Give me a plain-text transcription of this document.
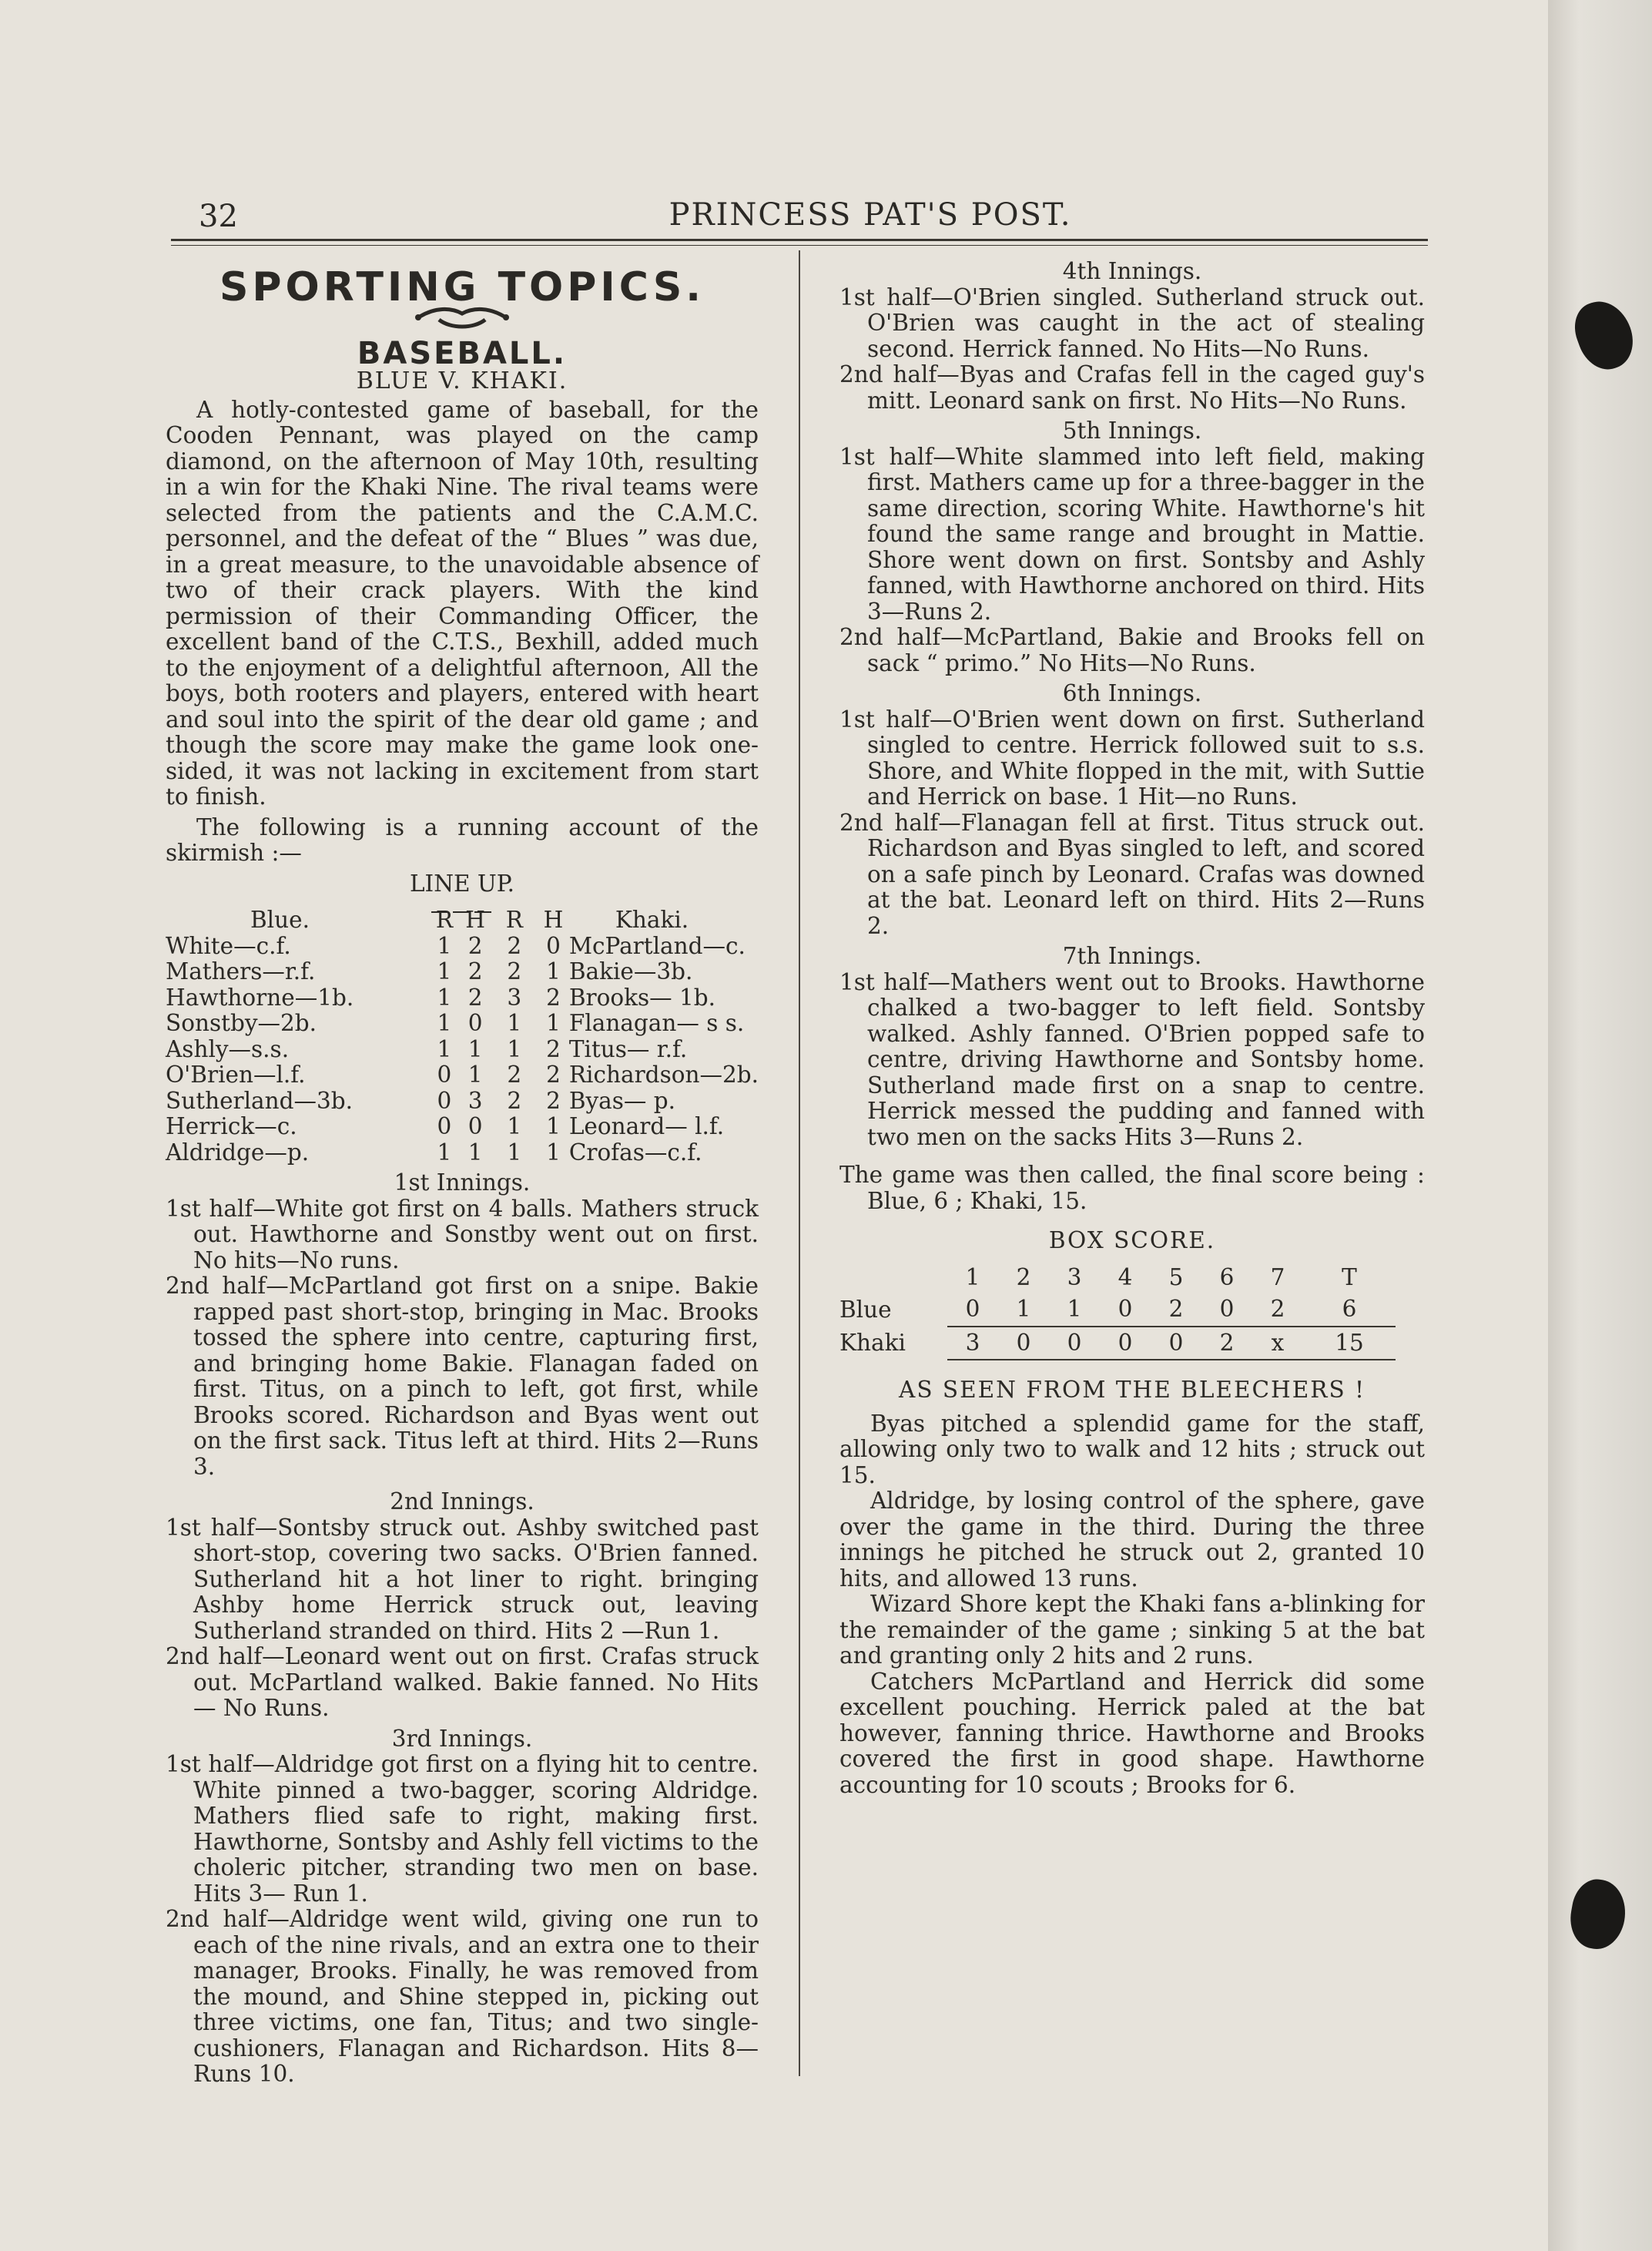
32	PRINCESS PAT'S POST.
SPORTING TOPICS.
BASEBALL.
BLUE V. KHAKI.

A hotly-contested game of baseball, for the Cooden Pennant, was played on the camp diamond, on the afternoon of May 10th, resulting in a win for the Khaki Nine. The rival teams were selected from the patients and the C.A.M.C. personnel, and the defeat of the “ Blues ” was due, in a great measure, to the unavoidable absence of two of their crack players. With the kind permission of their Commanding Officer, the excellent band of the C.T.S., Bexhill, added much to the enjoyment of a delightful afternoon, All the boys, both rooters and players, entered with heart and soul into the spirit of the dear old game ; and though the score may make the game look one-sided, it was not lacking in excitement from start to finish.

The following is a running account of the skirmish :—

LINE UP.
Blue.	R	H	R	H	Khaki.
White—c.f.	1	2	2	0	McPartland—c.
Mathers—r.f.	1	2	2	1	Bakie—3b.
Hawthorne—1b.	1	2	3	2	Brooks— 1b.
Sonstby—2b.	1	0	1	1	Flanagan— s s.
Ashly—s.s.	1	1	1	2	Titus— r.f.
O'Brien—l.f.	0	1	2	2	Richardson—2b.
Sutherland—3b.	0	3	2	2	Byas— p.
Herrick—c.	0	0	1	1	Leonard— l.f.
Aldridge—p.	1	1	1	1	Crofas—c.f.
1st Innings.

1st half—White got first on 4 balls. Mathers struck out. Hawthorne and Sonstby went out on first. No hits—No runs.

2nd half—McPartland got first on a snipe. Bakie rapped past short-stop, bringing in Mac. Brooks tossed the sphere into centre, capturing first, and bringing home Bakie. Flanagan faded on first. Titus, on a pinch to left, got first, while Brooks scored. Richardson and Byas went out on the first sack. Titus left at third. Hits 2—Runs 3.

2nd Innings.

1st half—Sontsby struck out. Ashby switched past short-stop, covering two sacks. O'Brien fanned. Sutherland hit a hot liner to right. bringing Ashby home Herrick struck out, leaving Sutherland stranded on third. Hits 2 —Run 1.

2nd half—Leonard went out on first. Crafas struck out. McPartland walked. Bakie fanned. No Hits— No Runs.

3rd Innings.

1st half—Aldridge got first on a flying hit to centre. White pinned a two-bagger, scoring Aldridge. Mathers flied safe to right, making first. Hawthorne, Sontsby and Ashly fell victims to the choleric pitcher, stranding two men on base. Hits 3— Run 1.

2nd half—Aldridge went wild, giving one run to each of the nine rivals, and an extra one to their manager, Brooks. Finally, he was removed from the mound, and Shine stepped in, picking out three victims, one fan, Titus; and two single-cushioners, Flanagan and Richardson. Hits 8—Runs 10.

4th Innings.

1st half—O'Brien singled. Sutherland struck out. O'Brien was caught in the act of stealing second. Herrick fanned. No Hits—No Runs.

2nd half—Byas and Crafas fell in the caged guy's mitt. Leonard sank on first. No Hits—No Runs.

5th Innings.

1st half—White slammed into left field, making first. Mathers came up for a three-bagger in the same direction, scoring White. Hawthorne's hit found the same range and brought in Mattie. Shore went down on first. Sontsby and Ashly fanned, with Hawthorne anchored on third. Hits 3—Runs 2.

2nd half—McPartland, Bakie and Brooks fell on sack “ primo.” No Hits—No Runs.

6th Innings.

1st half—O'Brien went down on first. Sutherland singled to centre. Herrick followed suit to s.s. Shore, and White flopped in the mit, with Suttie and Herrick on base. 1 Hit—no Runs.

2nd half—Flanagan fell at first. Titus struck out. Richardson and Byas singled to left, and scored on a safe pinch by Leonard. Crafas was downed at the bat. Leonard left on third. Hits 2—Runs 2.

7th Innings.

1st half—Mathers went out to Brooks. Hawthorne chalked a two-bagger to left field. Sontsby walked. Ashly fanned. O'Brien popped safe to centre, driving Hawthorne and Sontsby home. Sutherland made first on a snap to centre. Herrick messed the pudding and fanned with two men on the sacks Hits 3—Runs 2.

The game was then called, the final score being : Blue, 6 ; Khaki, 15.

BOX SCORE.
	1	2	3	4	5	6	7	T
Blue	0	1	1	0	2	0	2	6
Khaki	3	0	0	0	0	2	x	15
AS SEEN FROM THE BLEECHERS !

Byas pitched a splendid game for the staff, allowing only two to walk and 12 hits ; struck out 15.

Aldridge, by losing control of the sphere, gave over the game in the third. During the three innings he pitched he struck out 2, granted 10 hits, and allowed 13 runs.

Wizard Shore kept the Khaki fans a-blinking for the remainder of the game ; sinking 5 at the bat and granting only 2 hits and 2 runs.

Catchers McPartland and Herrick did some excellent pouching. Herrick paled at the bat however, fanning thrice. Hawthorne and Brooks covered the first in good shape. Hawthorne accounting for 10 scouts ; Brooks for 6.
